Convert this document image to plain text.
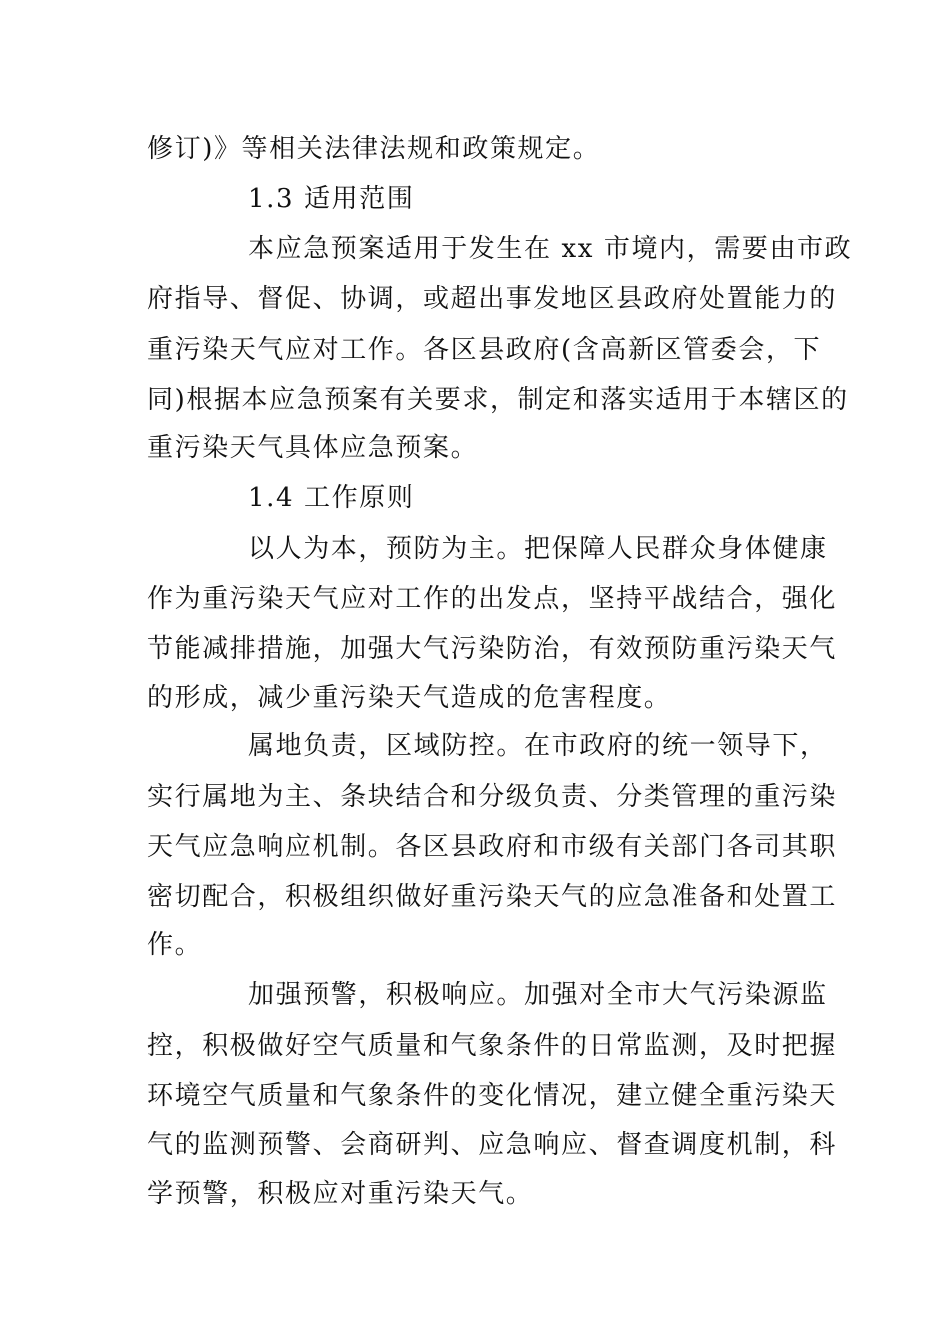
修订)》等相关法律法规和政策规定。
1.3 适用范围
本应急预案适用于发生在 xx 市境内，需要由市政
府指导、督促、协调，或超出事发地区县政府处置能力的
重污染天气应对工作。各区县政府(含高新区管委会，下
同)根据本应急预案有关要求，制定和落实适用于本辖区的
重污染天气具体应急预案。
1.4 工作原则
以人为本，预防为主。把保障人民群众身体健康
作为重污染天气应对工作的出发点，坚持平战结合，强化
节能减排措施，加强大气污染防治，有效预防重污染天气
的形成，减少重污染天气造成的危害程度。
属地负责，区域防控。在市政府的统一领导下，
实行属地为主、条块结合和分级负责、分类管理的重污染
天气应急响应机制。各区县政府和市级有关部门各司其职
密切配合，积极组织做好重污染天气的应急准备和处置工
作。
加强预警，积极响应。加强对全市大气污染源监
控，积极做好空气质量和气象条件的日常监测，及时把握
环境空气质量和气象条件的变化情况，建立健全重污染天
气的监测预警、会商研判、应急响应、督查调度机制，科
学预警，积极应对重污染天气。
